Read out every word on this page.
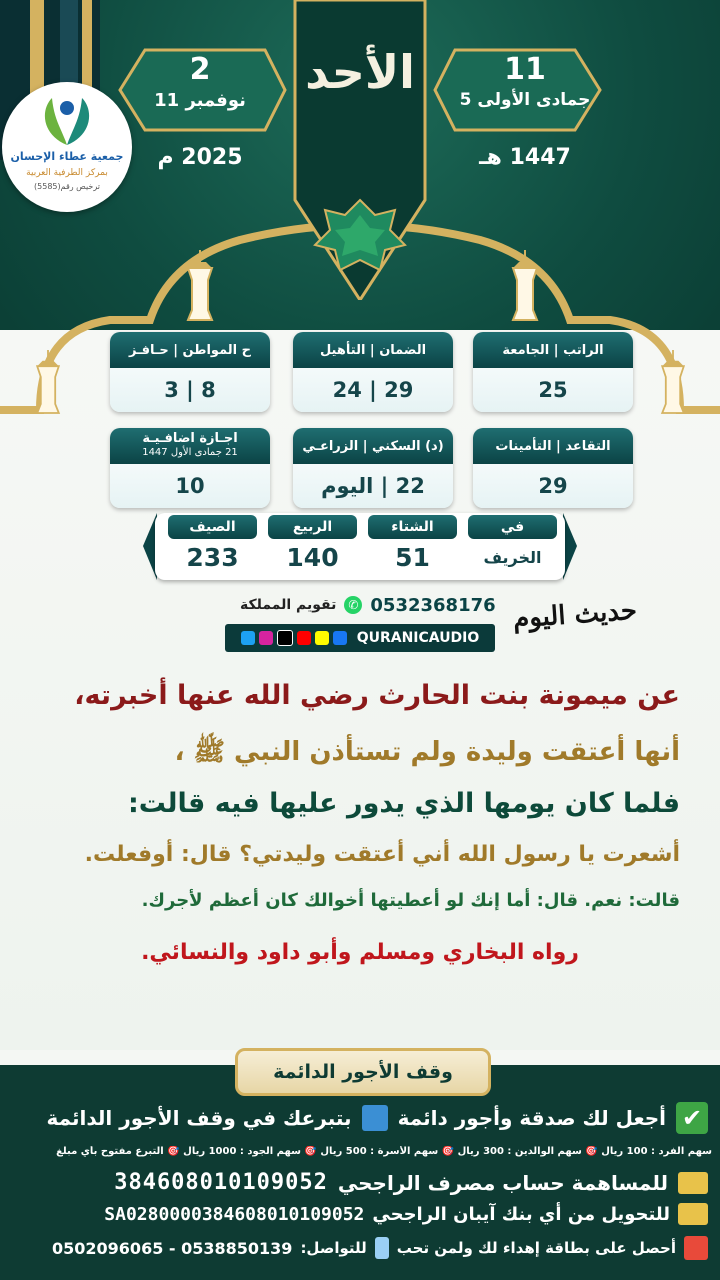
الأحد
2
نوفمبر 11
2025 م
11
جمادى الأولى 5
1447 هـ
جمعية عطاء الإحسان
بمركز الطرفية العربية
ترخيص رقم(5585)
الراتب | الجامعة
25
الضمان | التأهيل
29 | 24
ح المواطن | حـافـز
8 | 3
التقاعد | التأمينات
29
(د) السكني | الزراعـي
22 | اليوم
اجـازة اضافـيـة
21 جمادى الأول 1447
10
في
الخريف
الشتاء
51
الربيع
140
الصيف
233
تقويم المملكة ✆ 0532368176
QURANICAUDIO
حديث اليوم
عن ميمونة بنت الحارث رضي الله عنها أخبرته،
أنها أعتقت وليدة ولم تستأذن النبي ﷺ ،
فلما كان يومها الذي يدور عليها فيه قالت:
أشعرت يا رسول الله أني أعتقت وليدتي؟ قال: أوفعلت.
قالت: نعم. قال: أما إنك لو أعطيتها أخوالك كان أعظم لأجرك.
رواه البخاري ومسلم وأبو داود والنسائي.
وقف الأجور الدائمة
✔
أجعل لك صدقة وأجور دائمة
بتبرعك في وقف الأجور الدائمة
سهم الفرد : 100 ريال 🎯 سهم الوالدين : 300 ريال 🎯 سهم الأسرة : 500 ريال 🎯 سهم الجود : 1000 ريال 🎯 التبرع مفتوح بأي مبلغ
للمساهمة حساب مصرف الراجحي
384608010109052
للتحويل من أي بنك آيبان الراجحي
SA0280000384608010109052
أحصل على بطاقة إهداء لك ولمن تحب
للتواصل:
0538850139 - 0502096065
